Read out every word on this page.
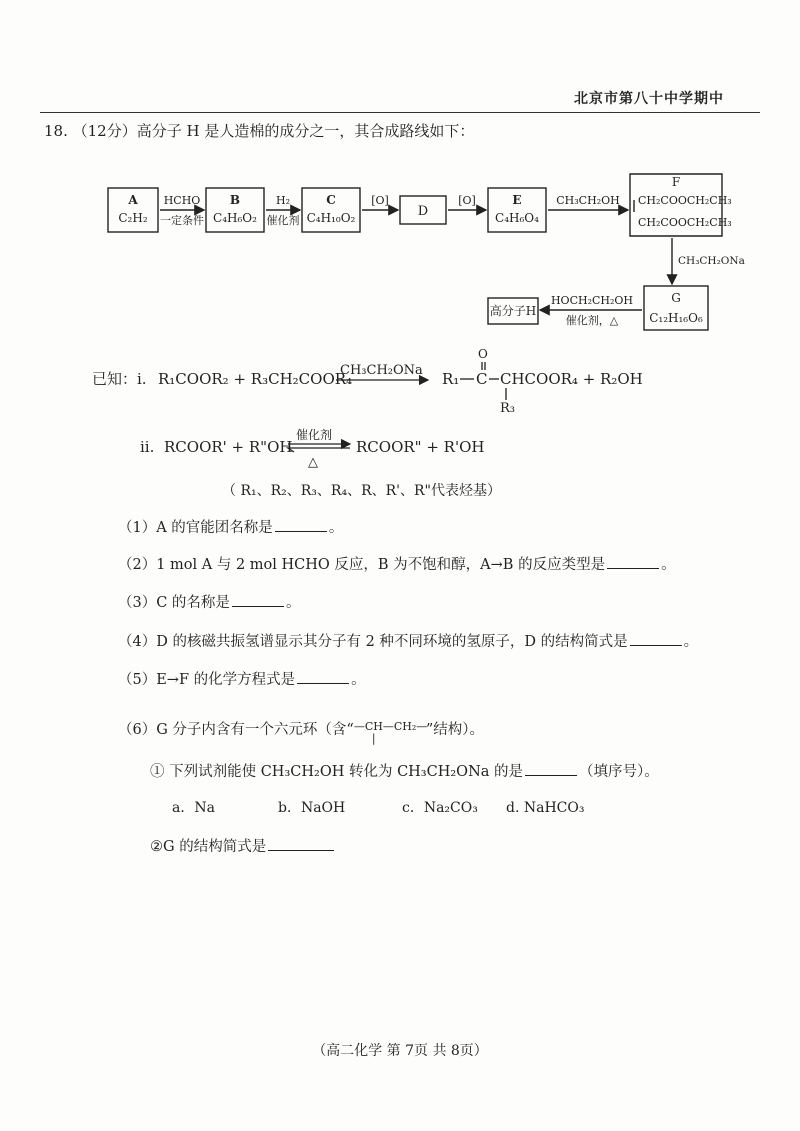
北京市第八十中学期中
18. （12分）高分子 H 是人造棉的成分之一，其合成路线如下：
A
C₂H₂
B
C₄H₆O₂
C
C₄H₁₀O₂	D
E
C₄H₆O₄
F
CH₂COOCH₂CH₃
CH₂COOCH₂CH₃
G
C₁₂H₁₆O₆
高分子H
HCHO
一定条件
H₂
催化剂
[O]	[O]	CH₃CH₂OH
CH₃CH₂ONa
HOCH₂CH₂OH
催化剂，△
已知：i. R₁COOR₂ + R₃CH₂COOR₄
CH₃CH₂ONa
O
R₁ C CHCOOR₄ + R₂OH
R₃
ii. RCOOR' + R"OH
催化剂
△
RCOOR" + R'OH
（ R₁、R₂、R₃、R₄、R、R'、R"代表烃基）
（1）A 的官能团名称是	。
（2）1 mol A 与 2 mol HCHO 反应，B 为不饱和醇，A→B 的反应类型是	。
（3）C 的名称是	。
（4）D 的核磁共振氢谱显示其分子有 2 种不同环境的氢原子，D 的结构简式是	。
（5）E→F 的化学方程式是	。
（6）G 分子内含有一个六元环（含“ —CH—CH₂—
|
”结构）。
① 下列试剂能使 CH₃CH₂OH 转化为 CH₃CH₂ONa 的是	（填序号）。
a．Na	b．NaOH	c．Na₂CO₃ d. NaHCO₃
②G 的结构简式是
（高二化学 第 7页 共 8页）
